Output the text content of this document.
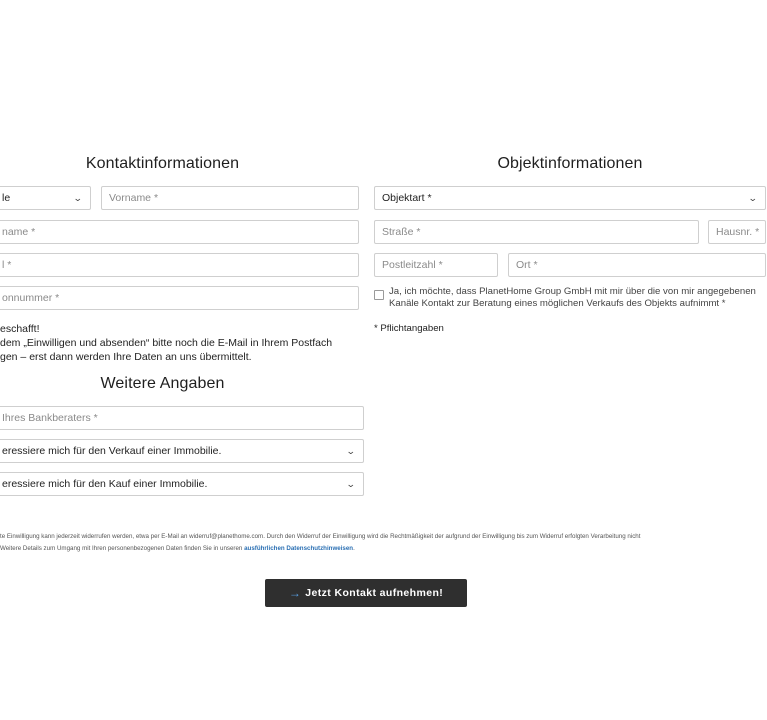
Kontaktinformationen
le	⌄	Vorname *
name *
l *
onnummer *
eschafft!
dem „Einwilligen und absenden“ bitte noch die E-Mail in Ihrem Postfach
gen – erst dann werden Ihre Daten an uns übermittelt.
Weitere Angaben
Ihres Bankberaters *
eressiere mich für den Verkauf einer Immobilie.	⌄
eressiere mich für den Kauf einer Immobilie.	⌄
Objektinformationen
Objektart *	⌄
Straße *	Hausnr. *
Postleitzahl *	Ort *
Ja, ich möchte, dass PlanetHome Group GmbH mit mir über die von mir angegebenen
Kanäle Kontakt zur Beratung eines möglichen Verkaufs des Objekts aufnimmt *
* Pflichtangaben
te Einwilligung kann jederzeit widerrufen werden, etwa per E-Mail an widerruf@planethome.com. Durch den Widerruf der Einwilligung wird die Rechtmäßigkeit der aufgrund der Einwilligung bis zum Widerruf erfolgten Verarbeitung nicht
Weitere Details zum Umgang mit Ihren personenbezogenen Daten finden Sie in unseren ausführlichen Datenschutzhinweisen.
→ Jetzt Kontakt aufnehmen!
